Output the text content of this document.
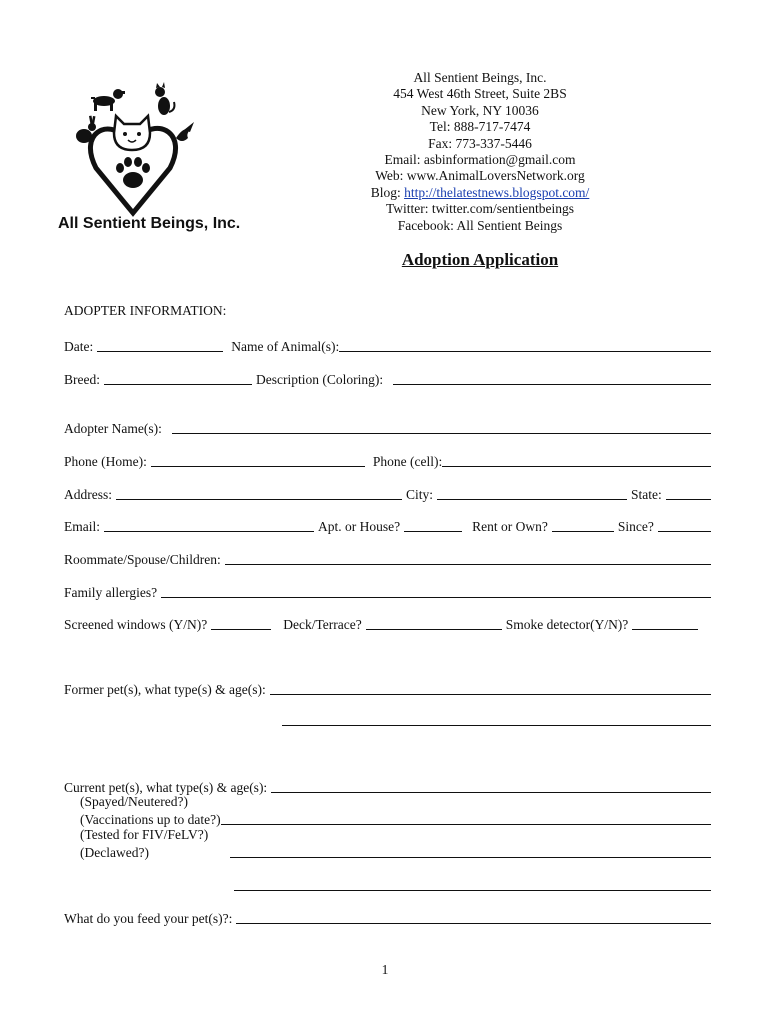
All Sentient Beings, Inc.
All Sentient Beings, Inc.
454 West 46th Street, Suite 2BS
New York, NY 10036
Tel: 888-717-7474
Fax: 773-337-5446
Email: asbinformation@gmail.com
Web: www.AnimalLoversNetwork.org
Blog: http://thelatestnews.blogspot.com/
Twitter: twitter.com/sentientbeings
Facebook: All Sentient Beings
Adoption Application
ADOPTER INFORMATION:
Date:	Name of Animal(s):
Breed:	Description (Coloring):
Adopter Name(s):
Phone (Home):	Phone (cell):
Address:	City:	State:
Email:	Apt. or House?	Rent or Own?	Since?
Roommate/Spouse/Children:
Family allergies?
Screened windows (Y/N)?	Deck/Terrace?	Smoke detector(Y/N)?
Former pet(s), what type(s) & age(s):
Current pet(s), what type(s) & age(s):
(Spayed/Neutered?)
(Vaccinations up to date?)
(Tested for FIV/FeLV?)
(Declawed?)
What do you feed your pet(s)?:
1
